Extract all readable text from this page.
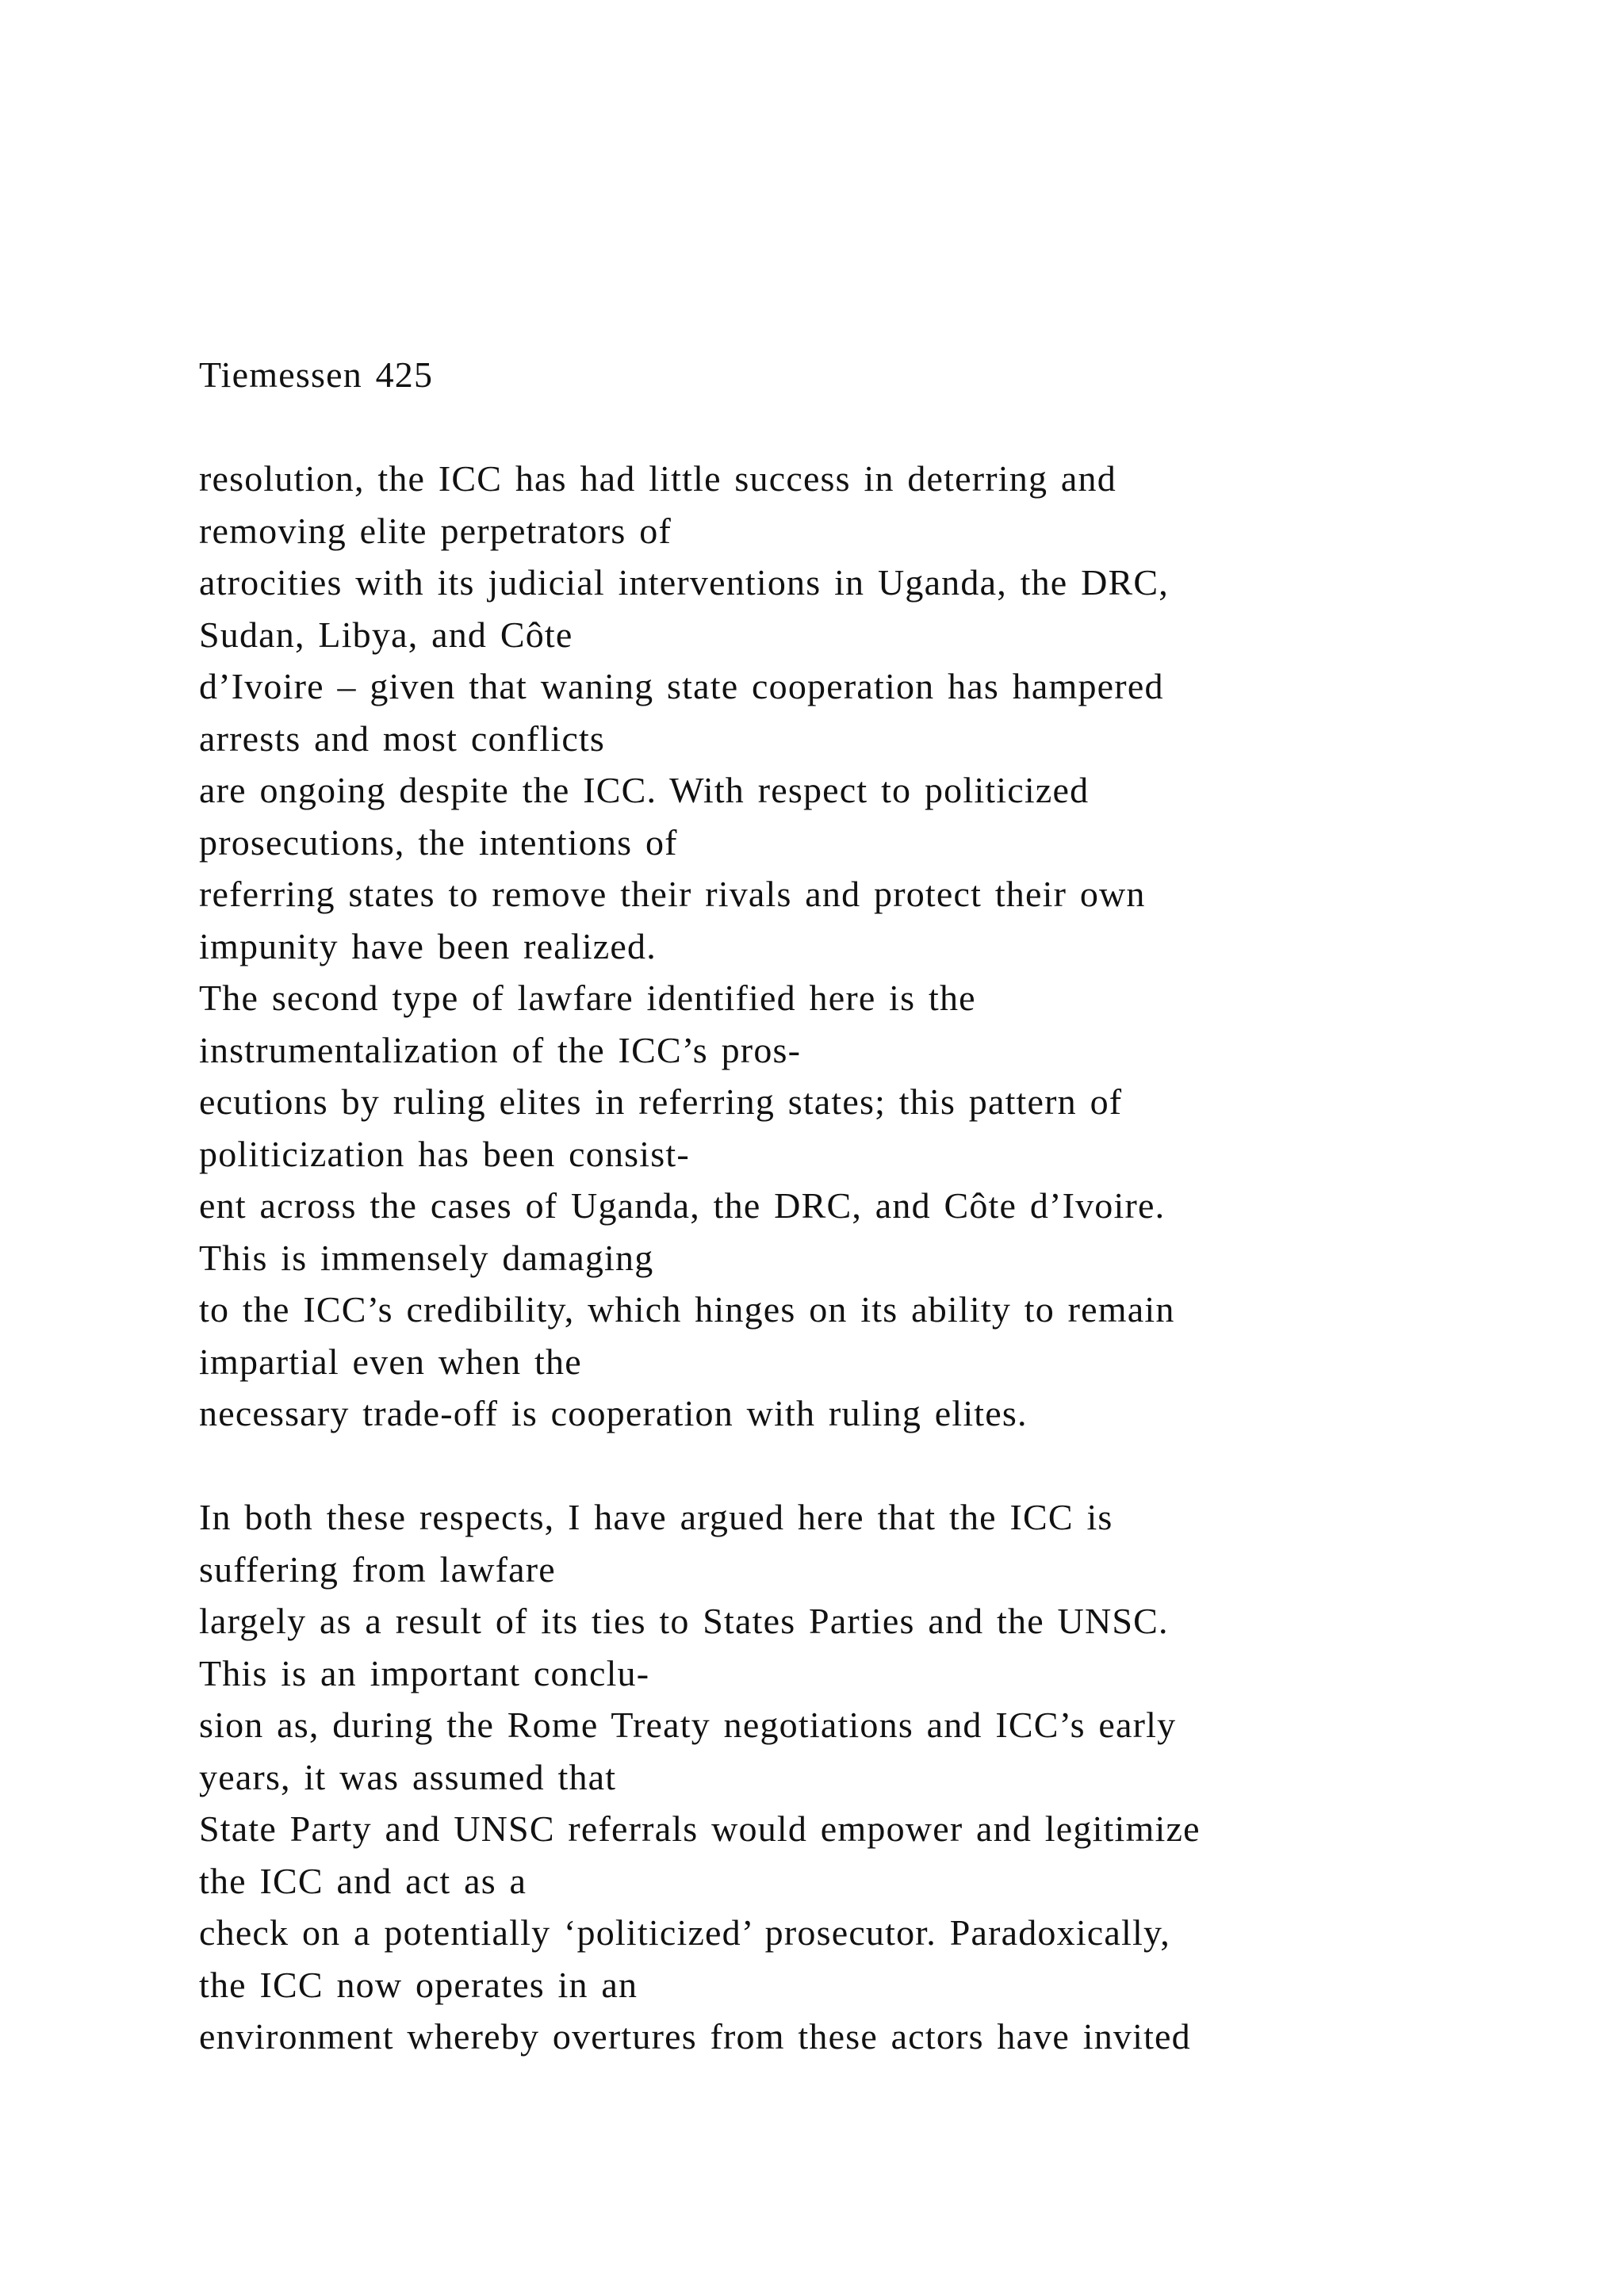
Tiemessen 425
resolution, the ICC has had little success in deterring and
removing elite perpetrators of
atrocities with its judicial interventions in Uganda, the DRC,
Sudan, Libya, and Côte
d’Ivoire – given that waning state cooperation has hampered
arrests and most conflicts
are ongoing despite the ICC. With respect to politicized
prosecutions, the intentions of
referring states to remove their rivals and protect their own
impunity have been realized.
The second type of lawfare identified here is the
instrumentalization of the ICC’s pros-
ecutions by ruling elites in referring states; this pattern of
politicization has been consist-
ent across the cases of Uganda, the DRC, and Côte d’Ivoire.
This is immensely damaging
to the ICC’s credibility, which hinges on its ability to remain
impartial even when the
necessary trade-off is cooperation with ruling elites.
In both these respects, I have argued here that the ICC is
suffering from lawfare
largely as a result of its ties to States Parties and the UNSC.
This is an important conclu-
sion as, during the Rome Treaty negotiations and ICC’s early
years, it was assumed that
State Party and UNSC referrals would empower and legitimize
the ICC and act as a
check on a potentially ‘politicized’ prosecutor. Paradoxically,
the ICC now operates in an
environment whereby overtures from these actors have invited
